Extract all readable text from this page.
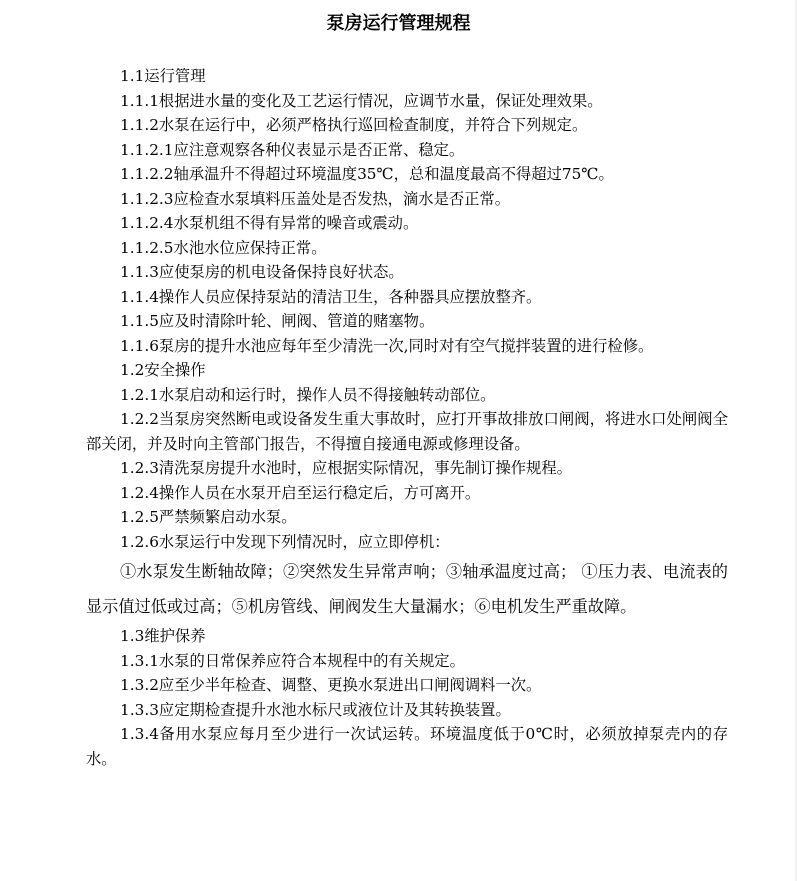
泵房运行管理规程

1.1运行管理

1.1.1根据进水量的变化及工艺运行情况，应调节水量，保证处理效果。

1.1.2水泵在运行中，必须严格执行巡回检查制度，并符合下列规定。

1.1.2.1应注意观察各种仪表显示是否正常、稳定。

1.1.2.2轴承温升不得超过环境温度35℃，总和温度最高不得超过75℃。

1.1.2.3应检查水泵填料压盖处是否发热，滴水是否正常。

1.1.2.4水泵机组不得有异常的噪音或震动。

1.1.2.5水池水位应保持正常。

1.1.3应使泵房的机电设备保持良好状态。

1.1.4操作人员应保持泵站的清洁卫生，各种器具应摆放整齐。

1.1.5应及时清除叶轮、闸阀、管道的赌塞物。

1.1.6泵房的提升水池应每年至少清洗一次,同时对有空气搅拌装置的进行检修。

1.2安全操作

1.2.1水泵启动和运行时，操作人员不得接触转动部位。

1.2.2当泵房突然断电或设备发生重大事故时，应打开事故排放口闸阀，将进水口处闸阀全部关闭，并及时向主管部门报告，不得擅自接通电源或修理设备。

1.2.3清洗泵房提升水池时，应根据实际情况，事先制订操作规程。

1.2.4操作人员在水泵开启至运行稳定后，方可离开。

1.2.5严禁频繁启动水泵。

1.2.6水泵运行中发现下列情况时，应立即停机：

①水泵发生断轴故障；②突然发生异常声响；③轴承温度过高； ①压力表、电流表的显示值过低或过高；⑤机房管线、闸阀发生大量漏水；⑥电机发生严重故障。

1.3维护保养

1.3.1水泵的日常保养应符合本规程中的有关规定。

1.3.2应至少半年检查、调整、更换水泵进出口闸阀调料一次。

1.3.3应定期检查提升水池水标尺或液位计及其转换装置。

1.3.4备用水泵应每月至少进行一次试运转。环境温度低于0℃时，必须放掉泵壳内的存水。
